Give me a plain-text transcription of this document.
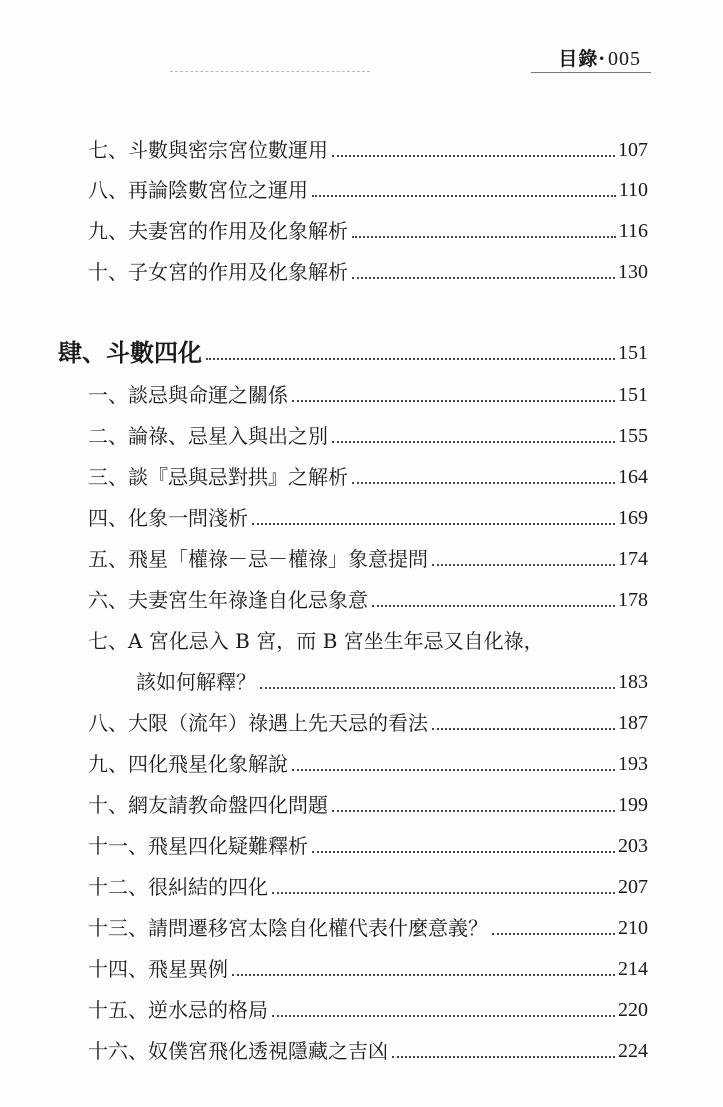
目錄 · 005
七、斗數與密宗宮位數運用	107
八、再論陰數宮位之運用	110
九、夫妻宮的作用及化象解析	116
十、子女宮的作用及化象解析	130
肆、斗數四化	151
一、談忌與命運之關係	151
二、論祿、忌星入與出之別	155
三、談『忌與忌對拱』之解析	164
四、化象一問淺析	169
五、飛星「權祿－忌－權祿」象意提問	174
六、夫妻宮生年祿逢自化忌象意	178
七、A 宮化忌入 B 宮，而 B 宮坐生年忌又自化祿，
該如何解釋？	183
八、大限（流年）祿遇上先天忌的看法	187
九、四化飛星化象解說	193
十、網友請教命盤四化問題	199
十一、飛星四化疑難釋析	203
十二、很糾結的四化	207
十三、請問遷移宮太陰自化權代表什麼意義？	210
十四、飛星異例	214
十五、逆水忌的格局	220
十六、奴僕宮飛化透視隱藏之吉凶	224
